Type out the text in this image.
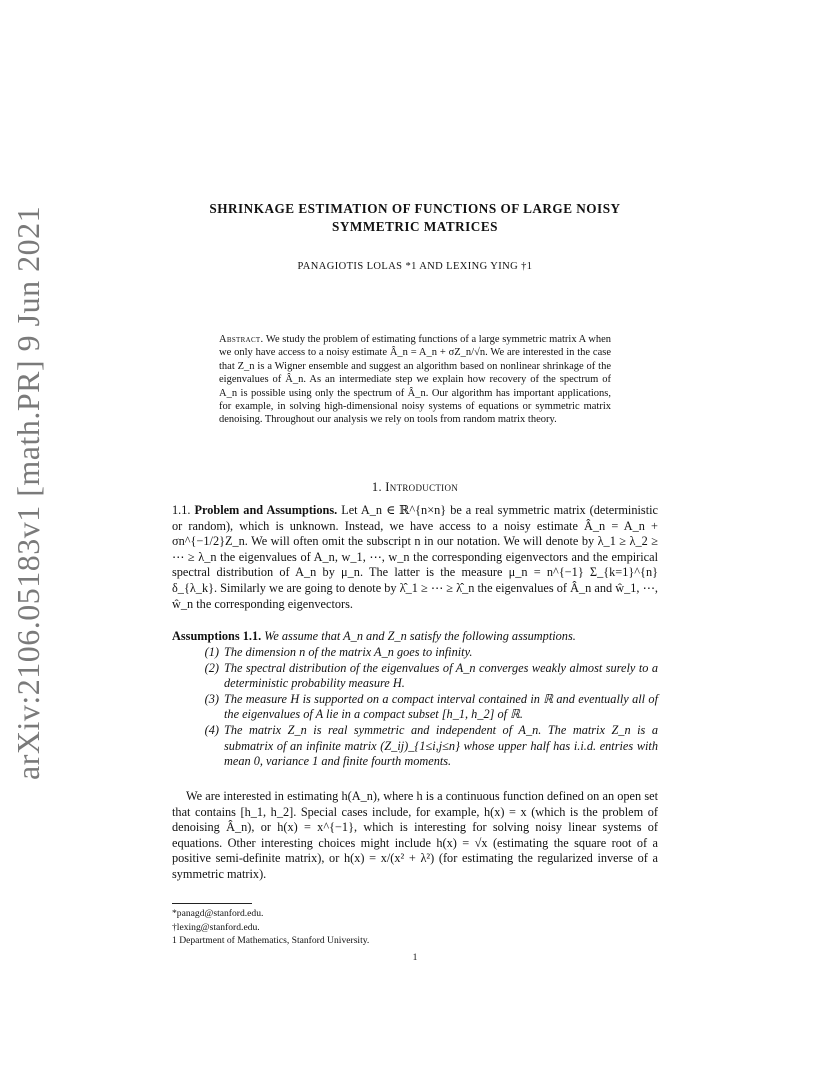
arXiv:2106.05183v1 [math.PR] 9 Jun 2021	SHRINKAGE ESTIMATION OF FUNCTIONS OF LARGE NOISY
SYMMETRIC MATRICES
PANAGIOTIS LOLAS *1 AND LEXING YING †1
Abstract. We study the problem of estimating functions of a large symmetric matrix A when we only have access to a noisy estimate Â_n = A_n + σZ_n/√n. We are interested in the case that Z_n is a Wigner ensemble and suggest an algorithm based on nonlinear shrinkage of the eigenvalues of Â_n. As an intermediate step we explain how recovery of the spectrum of A_n is possible using only the spectrum of Â_n. Our algorithm has important applications, for example, in solving high-dimensional noisy systems of equations or symmetric matrix denoising. Throughout our analysis we rely on tools from random matrix theory.
1. Introduction
1.1. Problem and Assumptions. Let A_n ∈ ℝ^{n×n} be a real symmetric matrix (deterministic or random), which is unknown. Instead, we have access to a noisy estimate Â_n = A_n + σn^{−1/2}Z_n. We will often omit the subscript n in our notation. We will denote by λ_1 ≥ λ_2 ≥ ⋯ ≥ λ_n the eigenvalues of A_n, w_1, ⋯, w_n the corresponding eigenvectors and the empirical spectral distribution of A_n by μ_n. The latter is the measure μ_n = n^{−1} Σ_{k=1}^{n} δ_{λ_k}. Similarly we are going to denote by λ̂_1 ≥ ⋯ ≥ λ̂_n the eigenvalues of Â_n and ŵ_1, ⋯, ŵ_n the corresponding eigenvectors.
Assumptions 1.1. We assume that A_n and Z_n satisfy the following assumptions.
(1) The dimension n of the matrix A_n goes to infinity.
(2) The spectral distribution of the eigenvalues of A_n converges weakly almost surely to a deterministic probability measure H.
(3) The measure H is supported on a compact interval contained in ℝ and eventually all of the eigenvalues of A lie in a compact subset [h_1, h_2] of ℝ.
(4) The matrix Z_n is real symmetric and independent of A_n. The matrix Z_n is a submatrix of an infinite matrix (Z_ij)_{1≤i,j≤n} whose upper half has i.i.d. entries with mean 0, variance 1 and finite fourth moments.
We are interested in estimating h(A_n), where h is a continuous function defined on an open set that contains [h_1, h_2]. Special cases include, for example, h(x) = x (which is the problem of denoising Â_n), or h(x) = x^{−1}, which is interesting for solving noisy linear systems of equations. Other interesting choices might include h(x) = √x (estimating the square root of a positive semi-definite matrix), or h(x) = x/(x² + λ²) (for estimating the regularized inverse of a symmetric matrix).
*panagd@stanford.edu.
†lexing@stanford.edu.
1 Department of Mathematics, Stanford University.
1
